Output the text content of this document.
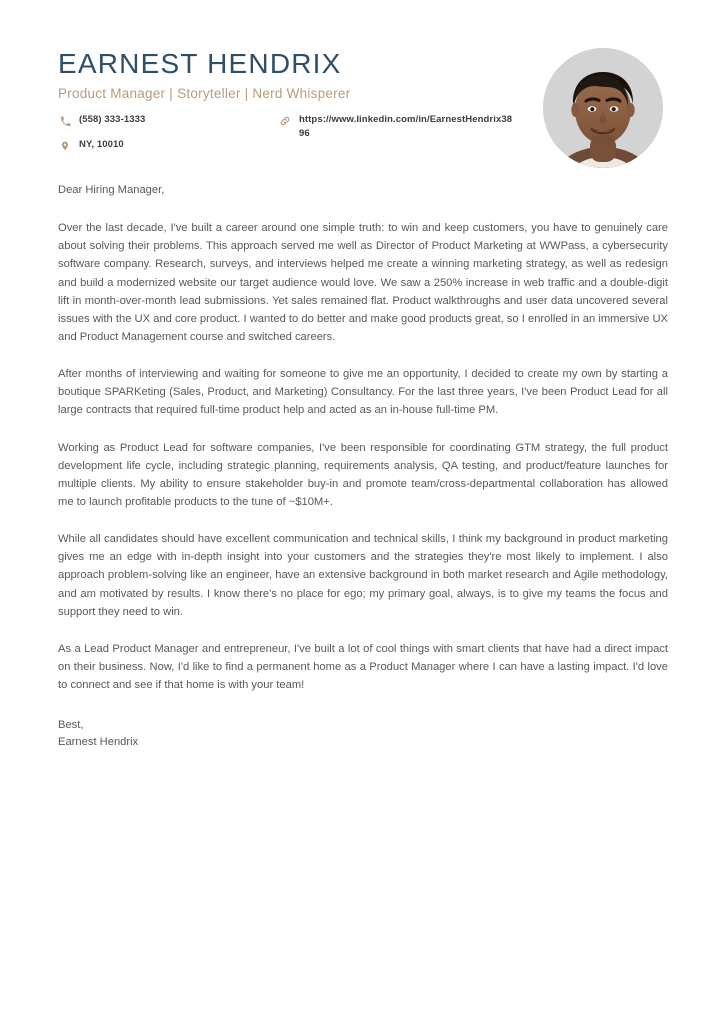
EARNEST HENDRIX
Product Manager | Storyteller | Nerd Whisperer
(558) 333-1333
NY, 10010
https://www.linkedin.com/in/EarnestHendrix3896

Dear Hiring Manager,

Over the last decade, I've built a career around one simple truth: to win and keep customers, you have to genuinely care about solving their problems. This approach served me well as Director of Product Marketing at WWPass, a cybersecurity software company. Research, surveys, and interviews helped me create a winning marketing strategy, as well as redesign and build a modernized website our target audience would love. We saw a 250% increase in web traffic and a double-digit lift in month-over-month lead submissions. Yet sales remained flat. Product walkthroughs and user data uncovered several issues with the UX and core product. I wanted to do better and make good products great, so I enrolled in an immersive UX and Product Management course and switched careers.

After months of interviewing and waiting for someone to give me an opportunity, I decided to create my own by starting a boutique SPARKeting (Sales, Product, and Marketing) Consultancy. For the last three years, I've been Product Lead for all large contracts that required full-time product help and acted as an in-house full-time PM.

Working as Product Lead for software companies, I've been responsible for coordinating GTM strategy, the full product development life cycle, including strategic planning, requirements analysis, QA testing, and product/feature launches for multiple clients. My ability to ensure stakeholder buy-in and promote team/cross-departmental collaboration has allowed me to launch profitable products to the tune of ~$10M+.

While all candidates should have excellent communication and technical skills, I think my background in product marketing gives me an edge with in-depth insight into your customers and the strategies they're most likely to implement. I also approach problem-solving like an engineer, have an extensive background in both market research and Agile methodology, and am motivated by results. I know there's no place for ego; my primary goal, always, is to give my teams the focus and support they need to win.

As a Lead Product Manager and entrepreneur, I've built a lot of cool things with smart clients that have had a direct impact on their business. Now, I'd like to find a permanent home as a Product Manager where I can have a lasting impact. I'd love to connect and see if that home is with your team!

Best,
Earnest Hendrix
